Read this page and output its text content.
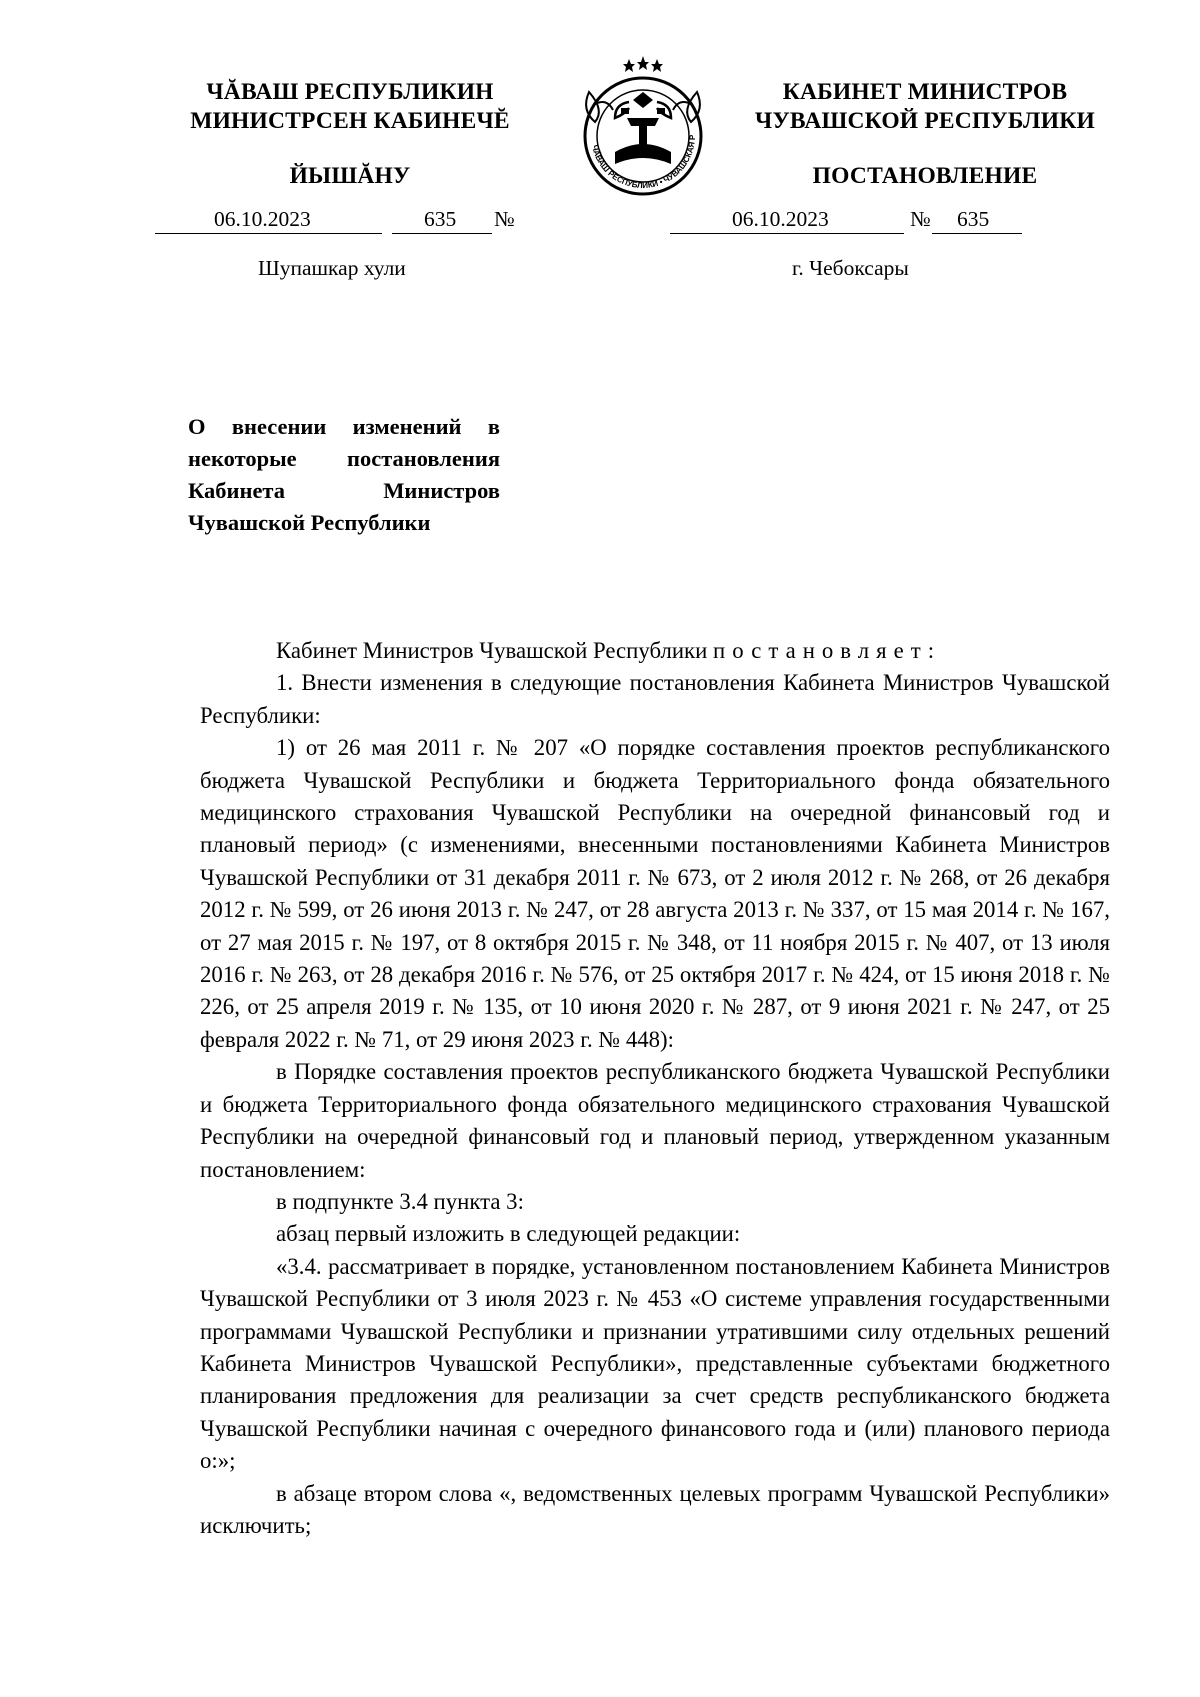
ЧĂВАШ РЕСПУБЛИКИН
МИНИСТРСЕН КАБИНЕЧĔ
ЙЫШĂНУ
КАБИНЕТ МИНИСТРОВ
ЧУВАШСКОЙ РЕСПУБЛИКИ
ПОСТАНОВЛЕНИЕ
ЧĂВАШ РЕСПУБЛИКИ • ЧУВАШСКАЯ Р
06.10.2023	635 №	06.10.2023	№ 635
Шупашкар хули	г. Чебоксары
О внесении изменений в некоторые постановления Кабинета Министров Чувашской Республики

Кабинет Министров Чувашской Республики постановляет:

1. Внести изменения в следующие постановления Кабинета Министров Чувашской Республики:

1) от 26 мая 2011 г. № 207 «О порядке составления проектов республиканского бюджета Чувашской Республики и бюджета Территориального фонда обязательного медицинского страхования Чувашской Республики на очередной финансовый год и плановый период» (с изменениями, внесенными постановлениями Кабинета Министров Чувашской Республики от 31 декабря 2011 г. № 673, от 2 июля 2012 г. № 268, от 26 декабря 2012 г. № 599, от 26 июня 2013 г. № 247, от 28 августа 2013 г. № 337, от 15 мая 2014 г. № 167, от 27 мая 2015 г. № 197, от 8 октября 2015 г. № 348, от 11 ноября 2015 г. № 407, от 13 июля 2016 г. № 263, от 28 декабря 2016 г. № 576, от 25 октября 2017 г. № 424, от 15 июня 2018 г. № 226, от 25 апреля 2019 г. № 135, от 10 июня 2020 г. № 287, от 9 июня 2021 г. № 247, от 25 февраля 2022 г. № 71, от 29 июня 2023 г. № 448):

в Порядке составления проектов республиканского бюджета Чувашской Республики и бюджета Территориального фонда обязательного медицинского страхования Чувашской Республики на очередной финансовый год и плановый период, утвержденном указанным постановлением:

в подпункте 3.4 пункта 3:

абзац первый изложить в следующей редакции:

«3.4. рассматривает в порядке, установленном постановлением Кабинета Министров Чувашской Республики от 3 июля 2023 г. № 453 «О системе управления государственными программами Чувашской Республики и признании утратившими силу отдельных решений Кабинета Министров Чувашской Республики», представленные субъектами бюджетного планирования предложения для реализации за счет средств республиканского бюджета Чувашской Республики начиная с очередного финансового года и (или) планового периода о:»;

в абзаце втором слова «, ведомственных целевых программ Чувашской Республики» исключить;
